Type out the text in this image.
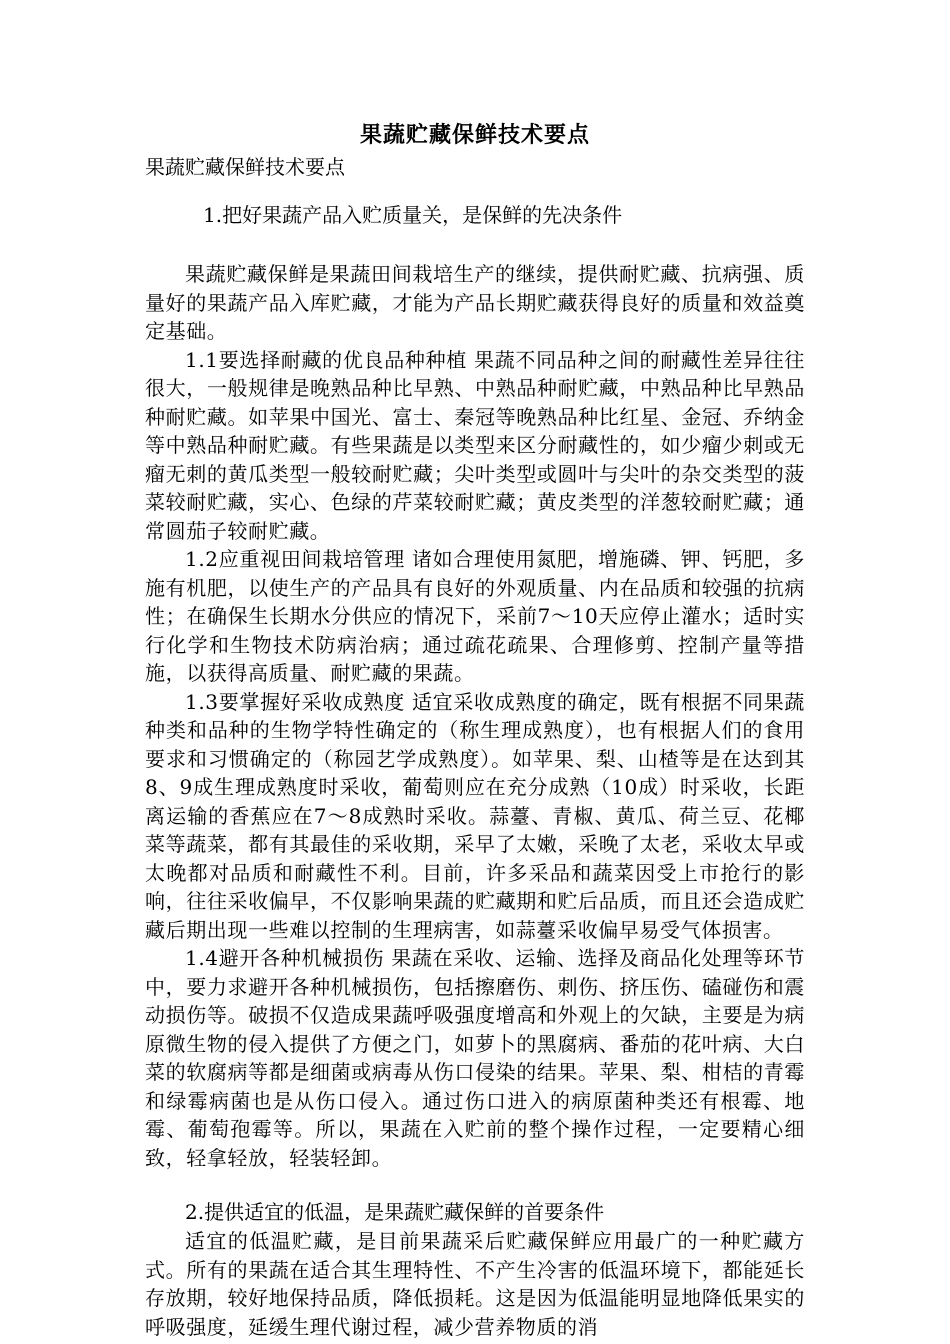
果蔬贮藏保鲜技术要点

果蔬贮藏保鲜技术要点

1.把好果蔬产品入贮质量关，是保鲜的先决条件

果蔬贮藏保鲜是果蔬田间栽培生产的继续，提供耐贮藏、抗病强、质量好的果蔬产品入库贮藏，才能为产品长期贮藏获得良好的质量和效益奠定基础。

1.1要选择耐藏的优良品种种植 果蔬不同品种之间的耐藏性差异往往很大，一般规律是晚熟品种比早熟、中熟品种耐贮藏，中熟品种比早熟品种耐贮藏。如苹果中国光、富士、秦冠等晚熟品种比红星、金冠、乔纳金等中熟品种耐贮藏。有些果蔬是以类型来区分耐藏性的，如少瘤少刺或无瘤无刺的黄瓜类型一般较耐贮藏；尖叶类型或圆叶与尖叶的杂交类型的菠菜较耐贮藏，实心、色绿的芹菜较耐贮藏；黄皮类型的洋葱较耐贮藏；通常圆茄子较耐贮藏。

1.2应重视田间栽培管理 诸如合理使用氮肥，增施磷、钾、钙肥，多施有机肥，以使生产的产品具有良好的外观质量、内在品质和较强的抗病性；在确保生长期水分供应的情况下，采前7～10天应停止灌水；适时实行化学和生物技术防病治病；通过疏花疏果、合理修剪、控制产量等措施，以获得高质量、耐贮藏的果蔬。

1.3要掌握好采收成熟度 适宜采收成熟度的确定，既有根据不同果蔬种类和品种的生物学特性确定的（称生理成熟度），也有根据人们的食用要求和习惯确定的（称园艺学成熟度）。如苹果、梨、山楂等是在达到其8、9成生理成熟度时采收，葡萄则应在充分成熟（10成）时采收，长距离运输的香蕉应在7～8成熟时采收。蒜薹、青椒、黄瓜、荷兰豆、花椰菜等蔬菜，都有其最佳的采收期，采早了太嫩，采晚了太老，采收太早或太晚都对品质和耐藏性不利。目前，许多采品和蔬菜因受上市抢行的影响，往往采收偏早，不仅影响果蔬的贮藏期和贮后品质，而且还会造成贮藏后期出现一些难以控制的生理病害，如蒜薹采收偏早易受气体损害。

1.4避开各种机械损伤 果蔬在采收、运输、选择及商品化处理等环节中，要力求避开各种机械损伤，包括擦磨伤、刺伤、挤压伤、磕碰伤和震动损伤等。破损不仅造成果蔬呼吸强度增高和外观上的欠缺，主要是为病原微生物的侵入提供了方便之门，如萝卜的黑腐病、番茄的花叶病、大白菜的软腐病等都是细菌或病毒从伤口侵染的结果。苹果、梨、柑桔的青霉和绿霉病菌也是从伤口侵入。通过伤口进入的病原菌种类还有根霉、地霉、葡萄孢霉等。所以，果蔬在入贮前的整个操作过程，一定要精心细致，轻拿轻放，轻装轻卸。

2.提供适宜的低温，是果蔬贮藏保鲜的首要条件

适宜的低温贮藏，是目前果蔬采后贮藏保鲜应用最广的一种贮藏方式。所有的果蔬在适合其生理特性、不产生冷害的低温环境下，都能延长存放期，较好地保持品质，降低损耗。这是因为低温能明显地降低果实的呼吸强度，延缓生理代谢过程，减少营养物质的消
